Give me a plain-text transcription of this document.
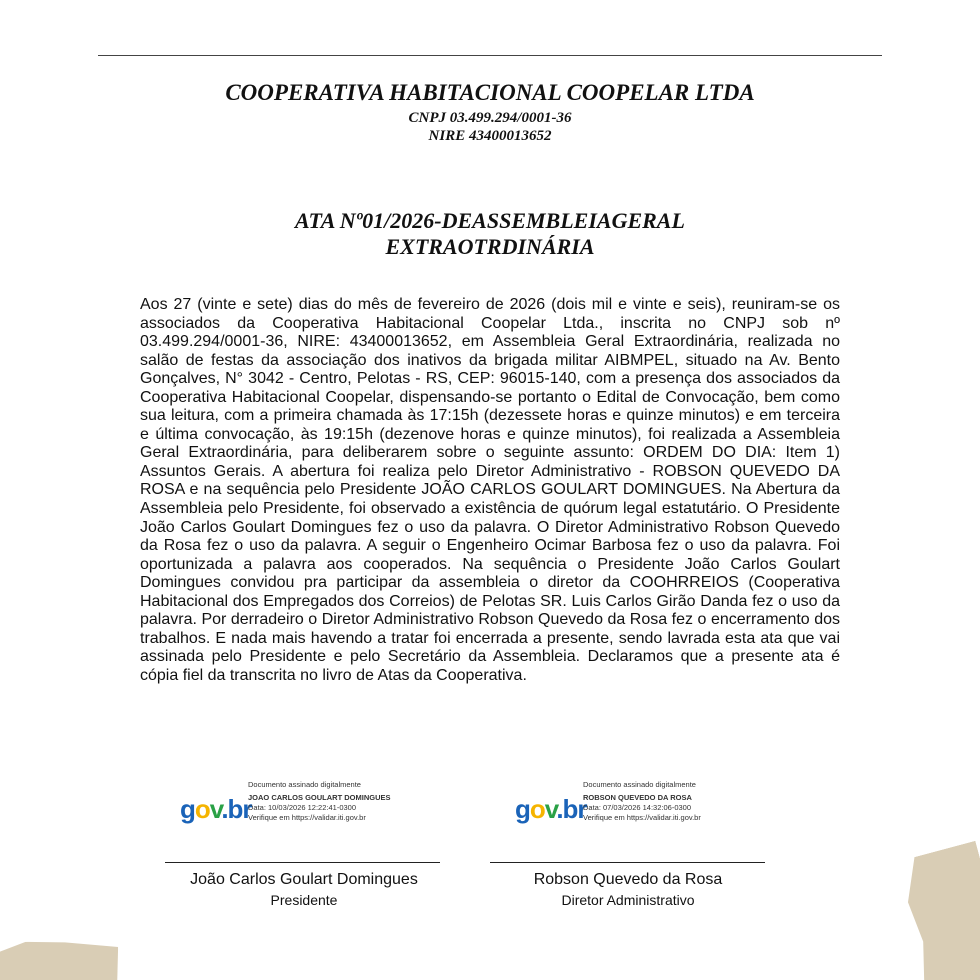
COOPERATIVA HABITACIONAL COOPELAR LTDA
CNPJ 03.499.294/0001-36
NIRE 43400013652
ATA Nº01/2026-DEASSEMBLEIAGERAL
EXTRAOTRDINÁRIA
Aos 27 (vinte e sete) dias do mês de fevereiro de 2026 (dois mil e vinte e seis), reuniram-se os associados da Cooperativa Habitacional Coopelar Ltda., inscrita no CNPJ sob nº 03.499.294/0001-36, NIRE: 43400013652, em Assembleia Geral Extraordinária, realizada no salão de festas da associação dos inativos da brigada militar AIBMPEL, situado na Av. Bento Gonçalves, N° 3042 - Centro, Pelotas - RS, CEP: 96015-140, com a presença dos associados da Cooperativa Habitacional Coopelar, dispensando-se portanto o Edital de Convocação, bem como sua leitura, com a primeira chamada às 17:15h (dezessete horas e quinze minutos) e em terceira e última convocação, às 19:15h (dezenove horas e quinze minutos), foi realizada a Assembleia Geral Extraordinária, para deliberarem sobre o seguinte assunto: ORDEM DO DIA: Item 1) Assuntos Gerais. A abertura foi realiza pelo Diretor Administrativo - ROBSON QUEVEDO DA ROSA e na sequência pelo Presidente JOÃO CARLOS GOULART DOMINGUES. Na Abertura da Assembleia pelo Presidente, foi observado a existência de quórum legal estatutário. O Presidente João Carlos Goulart Domingues fez o uso da palavra. O Diretor Administrativo Robson Quevedo da Rosa fez o uso da palavra. A seguir o Engenheiro Ocimar Barbosa fez o uso da palavra. Foi oportunizada a palavra aos cooperados. Na sequência o Presidente João Carlos Goulart Domingues convidou pra participar da assembleia o diretor da COOHRREIOS (Cooperativa Habitacional dos Empregados dos Correios) de Pelotas SR. Luis Carlos Girão Danda fez o uso da palavra. Por derradeiro o Diretor Administrativo Robson Quevedo da Rosa fez o encerramento dos trabalhos. E nada mais havendo a tratar foi encerrada a presente, sendo lavrada esta ata que vai assinada pelo Presidente e pelo Secretário da Assembleia. Declaramos que a presente ata é cópia fiel da transcrita no livro de Atas da Cooperativa.
gov.br
Documento assinado digitalmente
JOAO CARLOS GOULART DOMINGUES
Data: 10/03/2026 12:22:41-0300
Verifique em https://validar.iti.gov.br	gov.br
Documento assinado digitalmente
ROBSON QUEVEDO DA ROSA
Data: 07/03/2026 14:32:06-0300
Verifique em https://validar.iti.gov.br
João Carlos Goulart Domingues
Presidente
Robson Quevedo da Rosa
Diretor Administrativo
